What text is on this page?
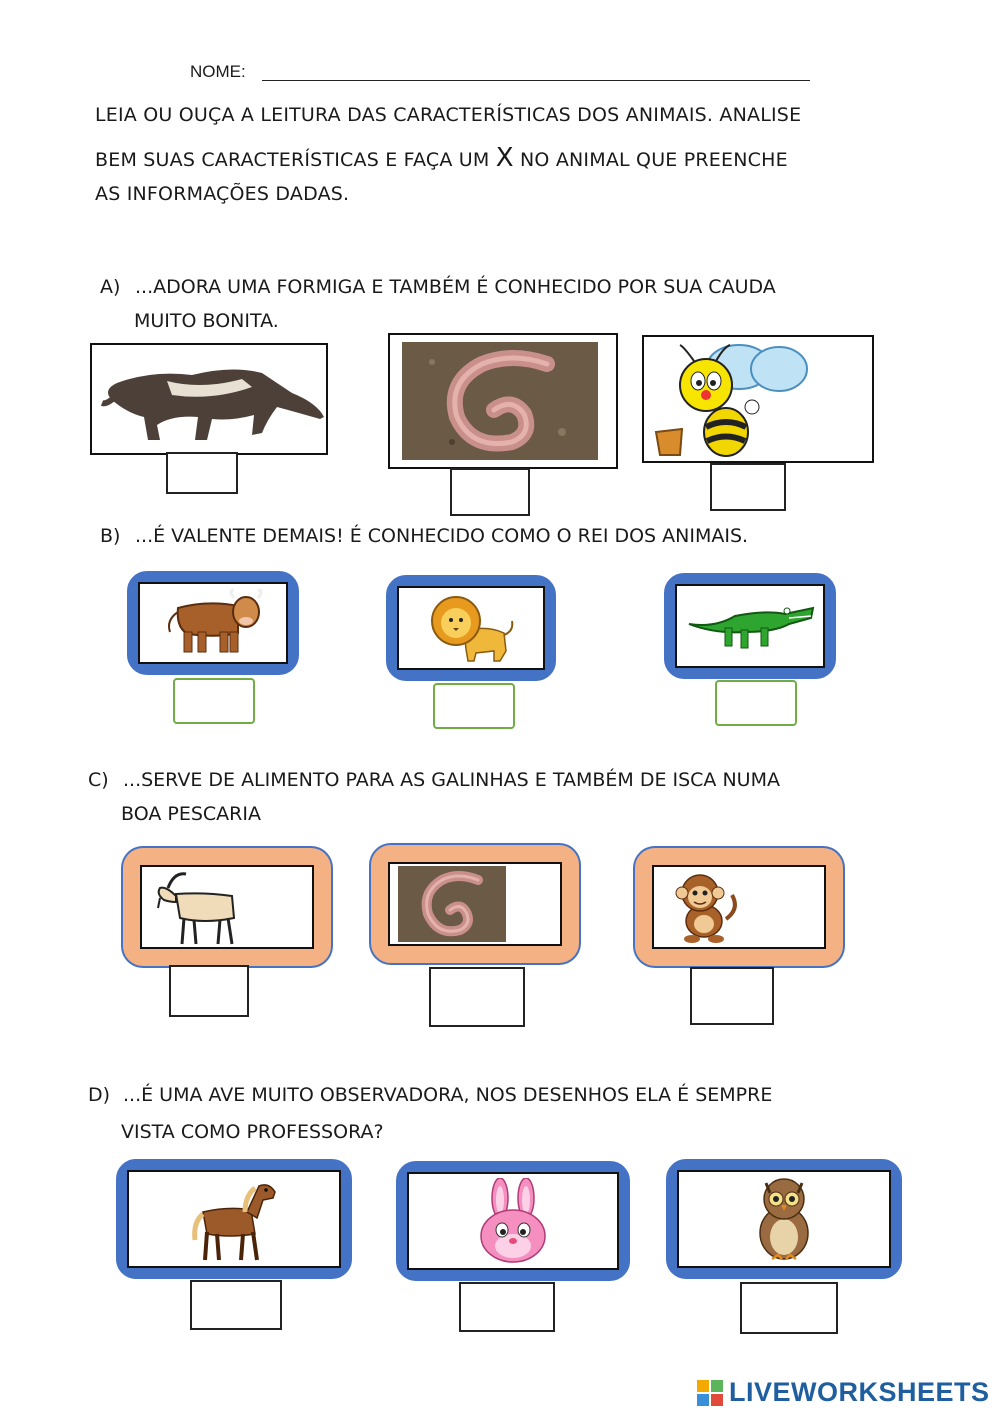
NOME:
LEIA OU OUÇA A LEITURA DAS CARACTERÍSTICAS DOS ANIMAIS. ANALISE
BEM SUAS CARACTERÍSTICAS E FAÇA UM X NO ANIMAL QUE PREENCHE
AS INFORMAÇÕES DADAS.
A) ...ADORA UMA FORMIGA E TAMBÉM É CONHECIDO POR SUA CAUDA
MUITO BONITA.
B) ...É VALENTE DEMAIS! É CONHECIDO COMO O REI DOS ANIMAIS.
C) ...SERVE DE ALIMENTO PARA AS GALINHAS E TAMBÉM DE ISCA NUMA
BOA PESCARIA
D) ...É UMA AVE MUITO OBSERVADORA, NOS DESENHOS ELA É SEMPRE
VISTA COMO PROFESSORA?
LIVEWORKSHEETS
